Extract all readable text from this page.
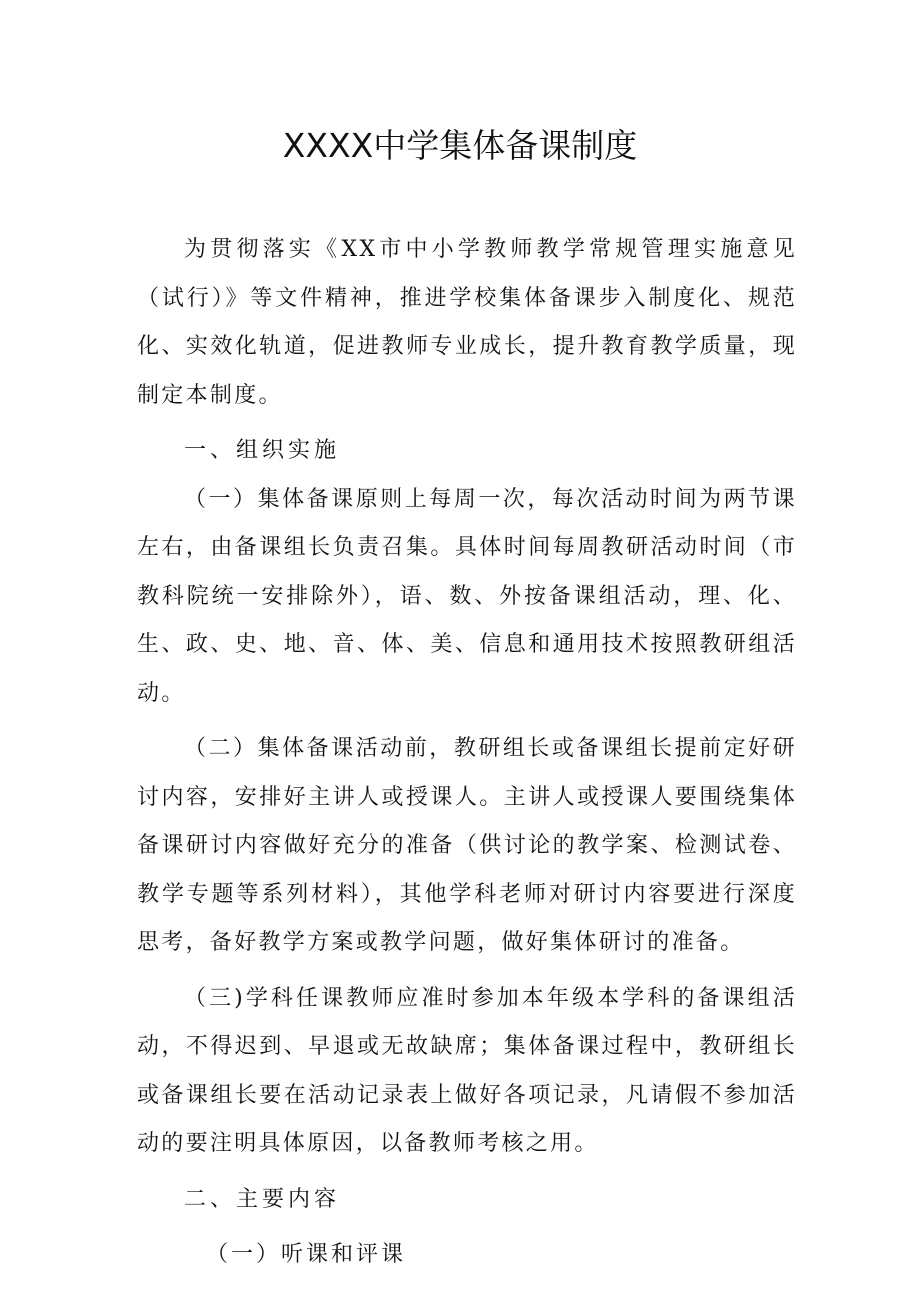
XXXX中学集体备课制度

为贯彻落实《XX市中小学教师教学常规管理实施意见（试行）》等文件精神，推进学校集体备课步入制度化、规范化、实效化轨道，促进教师专业成长，提升教育教学质量，现制定本制度。

一、组织实施

（一）集体备课原则上每周一次，每次活动时间为两节课左右，由备课组长负责召集。具体时间每周教研活动时间（市教科院统一安排除外），语、数、外按备课组活动，理、化、生、政、史、地、音、体、美、信息和通用技术按照教研组活动。

（二）集体备课活动前，教研组长或备课组长提前定好研讨内容，安排好主讲人或授课人。主讲人或授课人要围绕集体备课研讨内容做好充分的准备（供讨论的教学案、检测试卷、教学专题等系列材料），其他学科老师对研讨内容要进行深度思考，备好教学方案或教学问题，做好集体研讨的准备。

（三)学科任课教师应准时参加本年级本学科的备课组活动，不得迟到、早退或无故缺席；集体备课过程中，教研组长或备课组长要在活动记录表上做好各项记录，凡请假不参加活动的要注明具体原因，以备教师考核之用。

二、主要内容

（一）听课和评课
